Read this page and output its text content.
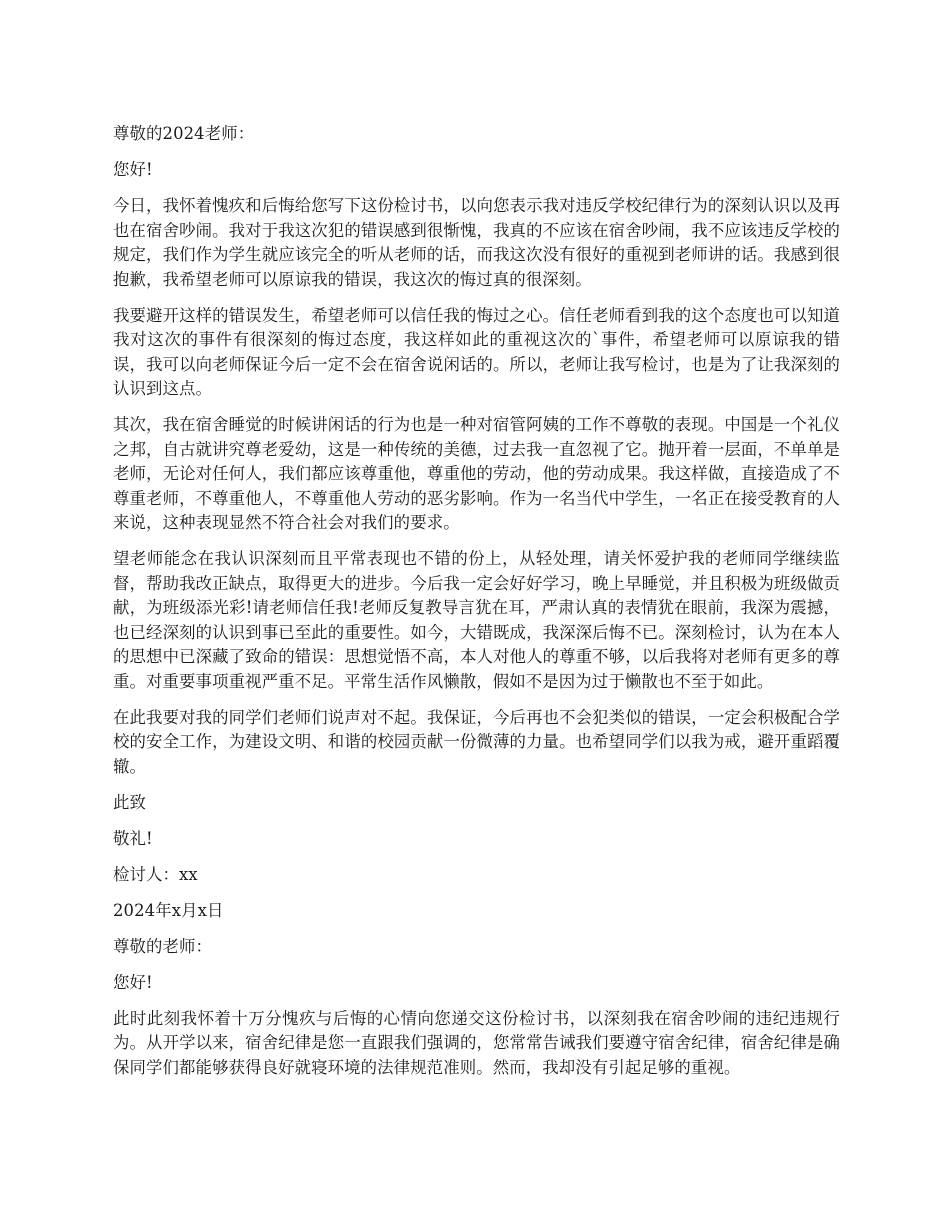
尊敬的2024老师：

您好!

今日，我怀着愧疚和后悔给您写下这份检讨书，以向您表示我对违反学校纪律行为的深刻认识以及再也在宿舍吵闹。我对于我这次犯的错误感到很惭愧，我真的不应该在宿舍吵闹，我不应该违反学校的规定，我们作为学生就应该完全的听从老师的话，而我这次没有很好的重视到老师讲的话。我感到很抱歉，我希望老师可以原谅我的错误，我这次的悔过真的很深刻。

我要避开这样的错误发生，希望老师可以信任我的悔过之心。信任老师看到我的这个态度也可以知道我对这次的事件有很深刻的悔过态度，我这样如此的重视这次的`事件，希望老师可以原谅我的错误，我可以向老师保证今后一定不会在宿舍说闲话的。所以，老师让我写检讨，也是为了让我深刻的认识到这点。

其次，我在宿舍睡觉的时候讲闲话的行为也是一种对宿管阿姨的工作不尊敬的表现。中国是一个礼仪之邦，自古就讲究尊老爱幼，这是一种传统的美德，过去我一直忽视了它。抛开着一层面，不单单是老师，无论对任何人，我们都应该尊重他，尊重他的劳动，他的劳动成果。我这样做，直接造成了不尊重老师，不尊重他人，不尊重他人劳动的恶劣影响。作为一名当代中学生，一名正在接受教育的人来说，这种表现显然不符合社会对我们的要求。

望老师能念在我认识深刻而且平常表现也不错的份上，从轻处理，请关怀爱护我的老师同学继续监督，帮助我改正缺点，取得更大的进步。今后我一定会好好学习，晚上早睡觉，并且积极为班级做贡献，为班级添光彩!请老师信任我!老师反复教导言犹在耳，严肃认真的表情犹在眼前，我深为震撼，也已经深刻的认识到事已至此的重要性。如今，大错既成，我深深后悔不已。深刻检讨，认为在本人的思想中已深藏了致命的错误：思想觉悟不高，本人对他人的尊重不够，以后我将对老师有更多的尊重。对重要事项重视严重不足。平常生活作风懒散，假如不是因为过于懒散也不至于如此。

在此我要对我的同学们老师们说声对不起。我保证，今后再也不会犯类似的错误，一定会积极配合学校的安全工作，为建设文明、和谐的校园贡献一份微薄的力量。也希望同学们以我为戒，避开重蹈覆辙。

此致

敬礼!

检讨人：xx

2024年x月x日

尊敬的老师：

您好!

此时此刻我怀着十万分愧疚与后悔的心情向您递交这份检讨书，以深刻我在宿舍吵闹的违纪违规行为。从开学以来，宿舍纪律是您一直跟我们强调的，您常常告诫我们要遵守宿舍纪律，宿舍纪律是确保同学们都能够获得良好就寝环境的法律规范准则。然而，我却没有引起足够的重视。
